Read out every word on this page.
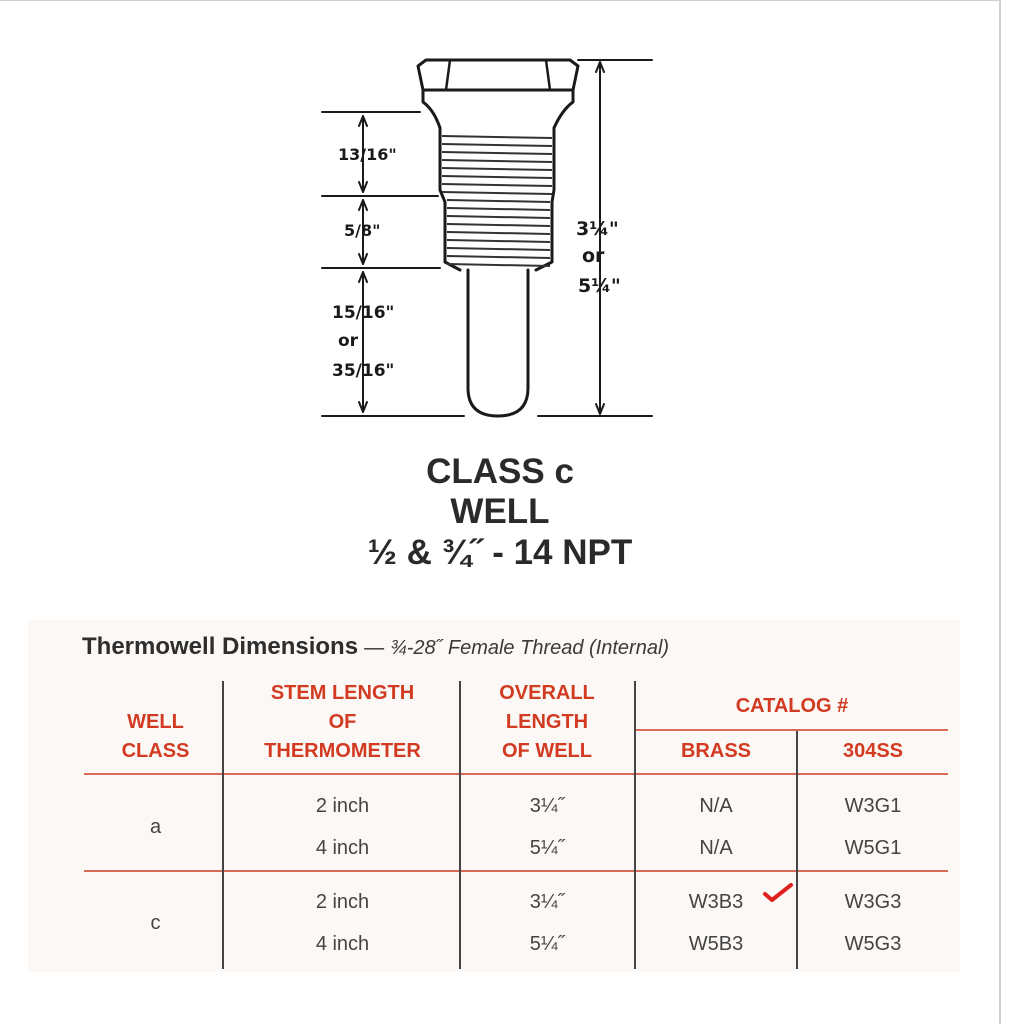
13/16"
5/8"
15/16"
or
35/16"
3¼"
or
5¼"
CLASS c
WELL
½ & ¾˝ - 14 NPT
Thermowell Dimensions — ¾-28˝ Female Thread (Internal)
WELL
CLASS
STEM LENGTH
OF
THERMOMETER
OVERALL
LENGTH
OF WELL
CATALOG #
BRASS	304SS
a
2 inch	3¼˝	N/A	W3G1
4 inch	5¼˝	N/A	W5G1
c
2 inch	3¼˝	W3B3	W3G3
4 inch	5¼˝	W5B3	W5G3
